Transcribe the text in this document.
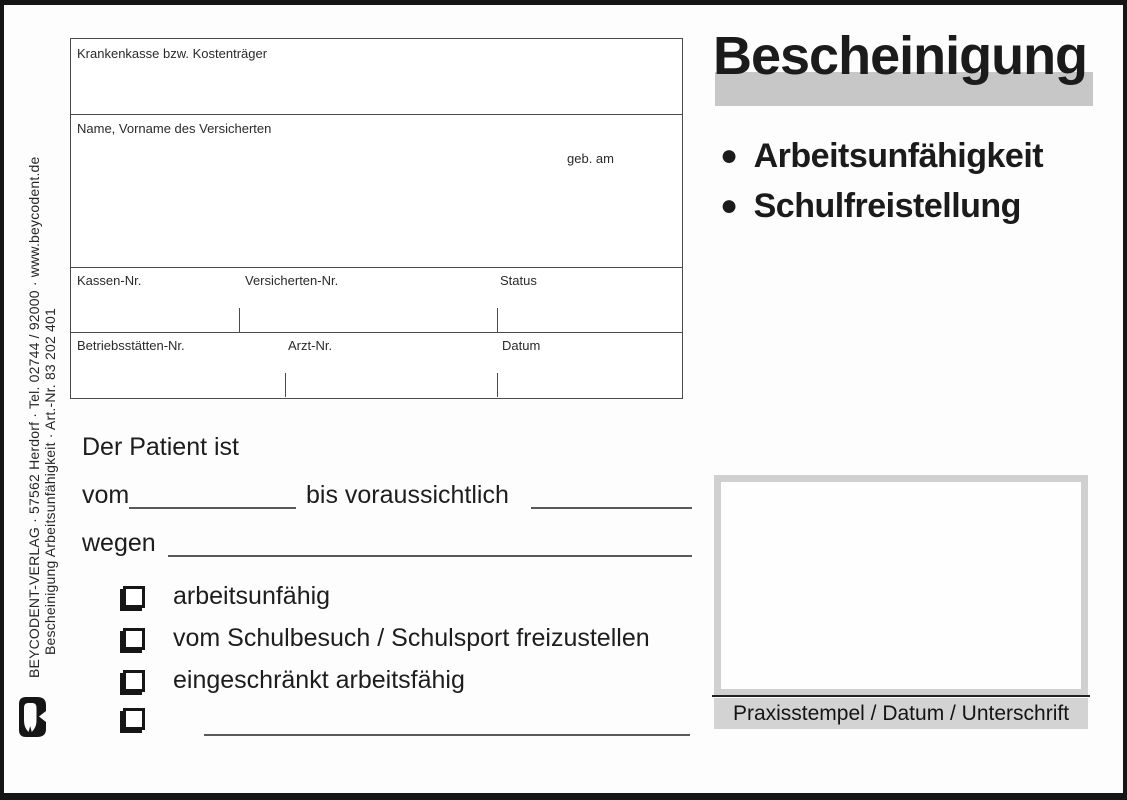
Bescheinigung Arbeitsunfähigkeit · Art.-Nr. 83 202 401
BEYCODENT-VERLAG · 57562 Herdorf · Tel. 02744 / 92000 · www.beycodent.de
Krankenkasse bzw. Kostenträger
Name, Vorname des Versicherten
geb. am
Kassen-Nr.	Versicherten-Nr.	Status
Betriebsstätten-Nr.	Arzt-Nr.	Datum
Bescheinigung
● Arbeitsunfähigkeit
● Schulfreistellung
Der Patient ist
vom	bis voraussichtlich
wegen
arbeitsunfähig
vom Schulbesuch / Schulsport freizustellen
eingeschränkt arbeitsfähig
Praxisstempel / Datum / Unterschrift
